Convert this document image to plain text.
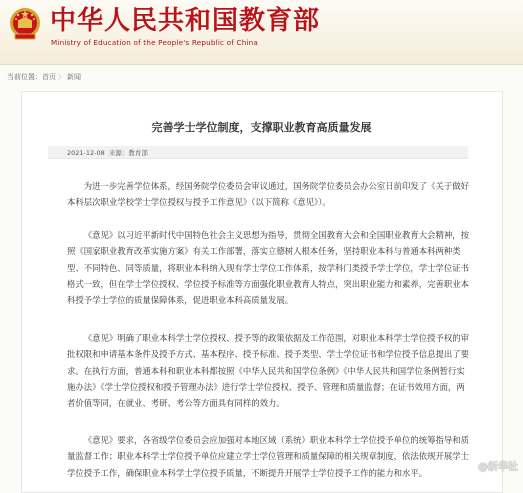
中华人民共和国教育部
Ministry of Education of the People's Republic of China
当前位置：首页 〉 新闻
完善学士学位制度，支撑职业教育高质量发展
2021-12-08 来源：教育部
为进一步完善学位体系，经国务院学位委员会审议通过，国务院学位委员会办公室日前印发了《关于做好本科层次职业学校学士学位授权与授予工作意见》（以下简称《意见》）。
《意见》以习近平新时代中国特色社会主义思想为指导，贯彻全国教育大会和全国职业教育大会精神，按照《国家职业教育改革实施方案》有关工作部署，落实立德树人根本任务，坚持职业本科与普通本科两种类型、不同特色、同等质量，将职业本科纳入现有学士学位工作体系，按学科门类授予学士学位，学士学位证书格式一致，但在学士学位授权、学位授予标准等方面强化职业教育人特点，突出职业能力和素养，完善职业本科授予学士学位的质量保障体系，促进职业本科高质量发展。
《意见》明确了职业本科学士学位授权、授予等的政策依据及工作范围，对职业本科学士学位授予权的审批权限和申请基本条件及授予方式、基本程序、授予标准、授予类型、学士学位证书和学位授予信息提出了要求。在执行方面，普通本科和职业本科都按照《中华人民共和国学位条例》《中华人民共和国学位条例暂行实施办法》《学士学位授权和授予管理办法》进行学士学位授权、授予、管理和质量监督；在证书效用方面，两者价值等同，在就业、考研、考公等方面具有同样的效力。
《意见》要求，各省级学位委员会应加强对本地区域（系统）职业本科学士学位授予单位的统筹指导和质量监督工作；职业本科学士学位授予单位应建立学士学位管理和质量保障的相关规章制度，依法依规开展学士学位授予工作，确保职业本科学士学位授予质量，不断提升开展学士学位授予工作的能力和水平。	@新华社
